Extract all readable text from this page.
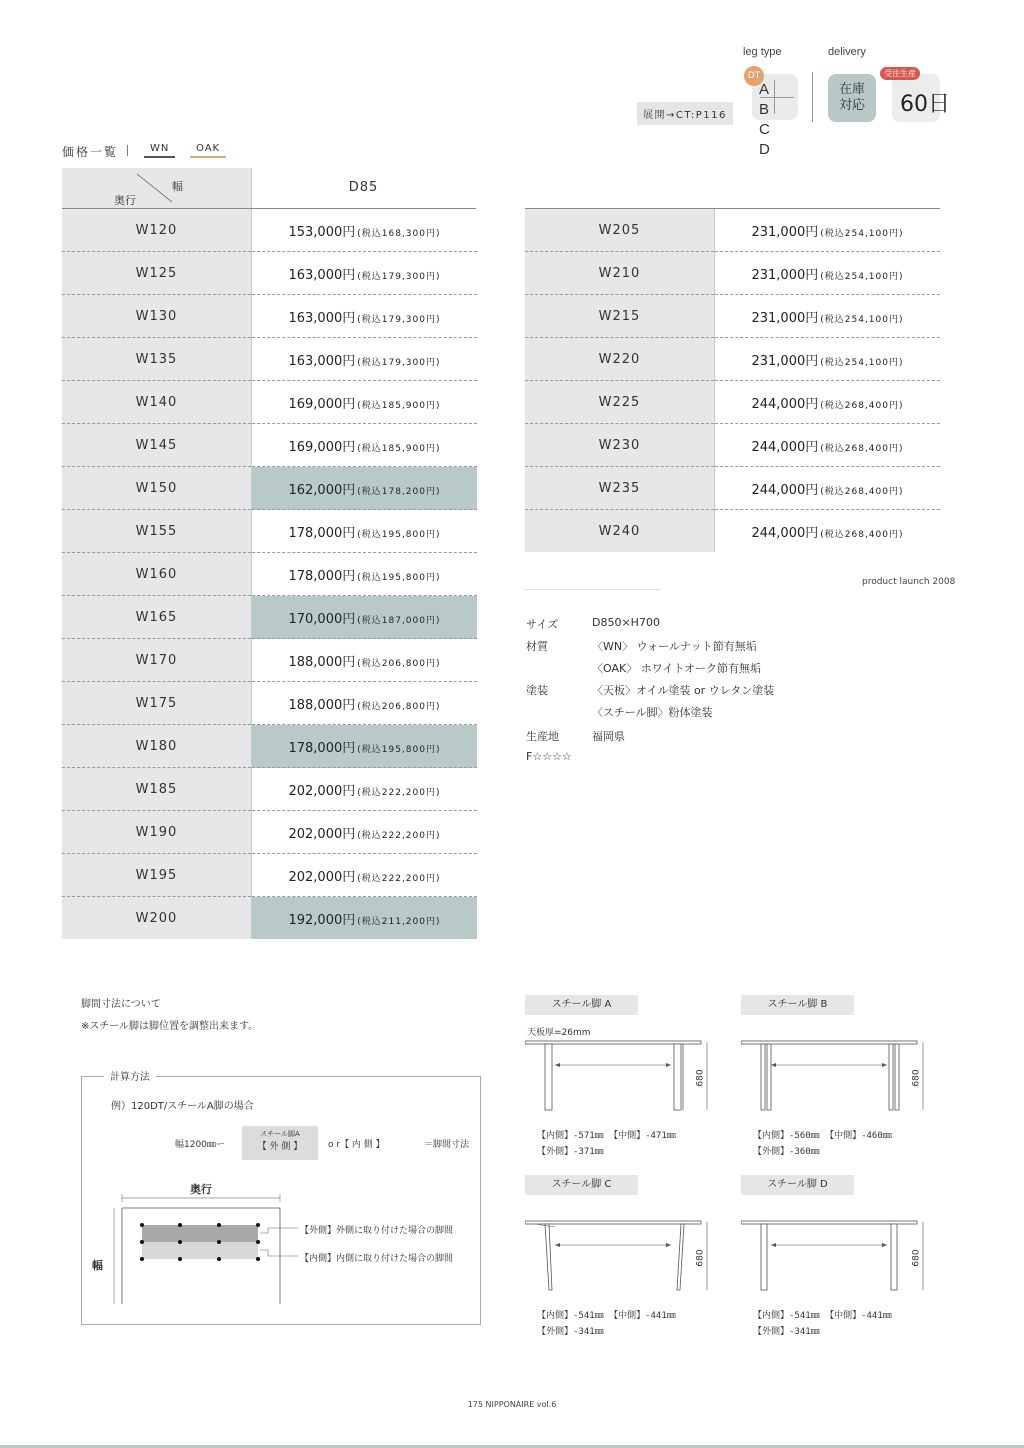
leg type	delivery
展開→CT:P116
DT
A
B
C
D
在庫
対応
受注生産
60日
価格一覧	WN	OAK
幅
奥行
D85
W120	153,000円 (税込168,300円)
W125	163,000円 (税込179,300円)
W130	163,000円 (税込179,300円)
W135	163,000円 (税込179,300円)
W140	169,000円 (税込185,900円)
W145	169,000円 (税込185,900円)
W150	162,000円 (税込178,200円)
W155	178,000円 (税込195,800円)
W160	178,000円 (税込195,800円)
W165	170,000円 (税込187,000円)
W170	188,000円 (税込206,800円)
W175	188,000円 (税込206,800円)
W180	178,000円 (税込195,800円)
W185	202,000円 (税込222,200円)
W190	202,000円 (税込222,200円)
W195	202,000円 (税込222,200円)
W200	192,000円 (税込211,200円)
W205	231,000円 (税込254,100円)
W210	231,000円 (税込254,100円)
W215	231,000円 (税込254,100円)
W220	231,000円 (税込254,100円)
W225	244,000円 (税込268,400円)
W230	244,000円 (税込268,400円)
W235	244,000円 (税込268,400円)
W240	244,000円 (税込268,400円)
product launch 2008
サイズ	D850×H700
材質	〈WN〉 ウォールナット節有無垢
〈OAK〉 ホワイトオーク節有無垢
塗装	〈天板〉オイル塗装 or ウレタン塗装
〈スチール脚〉粉体塗装
生産地	福岡県
F☆☆☆☆
脚間寸法について
※スチール脚は脚位置を調整出来ます。
計算方法
例）120DT/スチールA脚の場合
幅1200㎜ー
スチール脚A
【 外 側 】	o r【 内 側 】	＝脚間寸法
奥行
幅
【外側】外側に取り付けた場合の脚間
【内側】内側に取り付けた場合の脚間
スチール脚 A
天板厚=26mm
680
【内側】-571㎜ 【中側】-471㎜
【外側】-371㎜
スチール脚 B
680
【内側】-560㎜ 【中側】-460㎜
【外側】-360㎜
スチール脚 C
680
【内側】-541㎜ 【中側】-441㎜
【外側】-341㎜
スチール脚 D
680
【内側】-541㎜ 【中側】-441㎜
【外側】-341㎜
175 NIPPONAIRE vol.6
